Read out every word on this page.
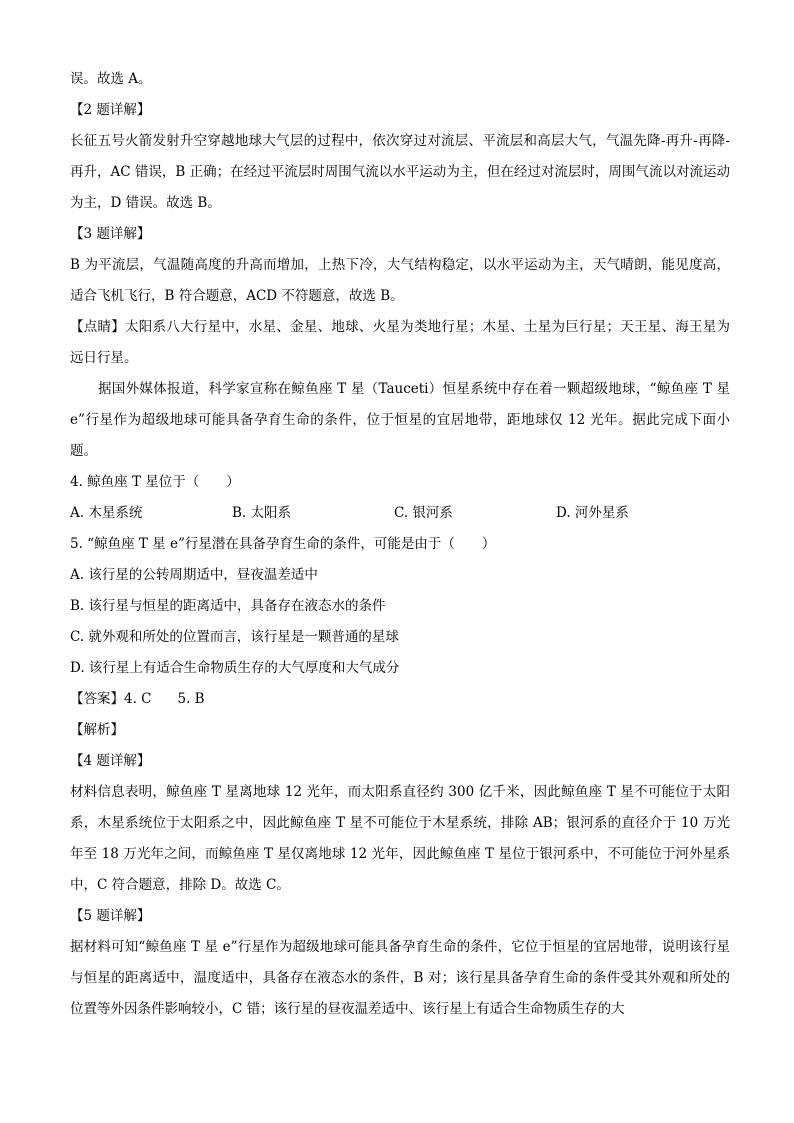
误。故选 A。

【2 题详解】

长征五号火箭发射升空穿越地球大气层的过程中，依次穿过对流层、平流层和高层大气，气温先降-再升-再降-再升，AC 错误，B 正确；在经过平流层时周围气流以水平运动为主，但在经过对流层时，周围气流以对流运动为主，D 错误。故选 B。

【3 题详解】

B 为平流层，气温随高度的升高而增加，上热下冷，大气结构稳定，以水平运动为主，天气晴朗，能见度高，适合飞机飞行，B 符合题意，ACD 不符题意，故选 B。

【点睛】太阳系八大行星中，水星、金星、地球、火星为类地行星；木星、土星为巨行星；天王星、海王星为远日行星。

据国外媒体报道，科学家宣称在鲸鱼座 T 星（Tauceti）恒星系统中存在着一颗超级地球，“鲸鱼座 T 星 e”行星作为超级地球可能具备孕育生命的条件，位于恒星的宜居地带，距地球仅 12 光年。据此完成下面小题。

4. 鲸鱼座 T 星位于（　　）

A. 木星系统	B. 太阳系	C. 银河系	D. 河外星系

5. “鲸鱼座 T 星 e”行星潜在具备孕育生命的条件，可能是由于（　　）

A. 该行星的公转周期适中，昼夜温差适中

B. 该行星与恒星的距离适中，具备存在液态水的条件

C. 就外观和所处的位置而言，该行星是一颗普通的星球

D. 该行星上有适合生命物质生存的大气厚度和大气成分

【答案】4. C 5. B

【解析】

【4 题详解】

材料信息表明，鲸鱼座 T 星离地球 12 光年，而太阳系直径约 300 亿千米，因此鲸鱼座 T 星不可能位于太阳系，木星系统位于太阳系之中，因此鲸鱼座 T 星不可能位于木星系统，排除 AB；银河系的直径介于 10 万光年至 18 万光年之间，而鲸鱼座 T 星仅离地球 12 光年，因此鲸鱼座 T 星位于银河系中，不可能位于河外星系中，C 符合题意，排除 D。故选 C。

【5 题详解】

据材料可知“鲸鱼座 T 星 e”行星作为超级地球可能具备孕育生命的条件，它位于恒星的宜居地带，说明该行星与恒星的距离适中，温度适中，具备存在液态水的条件，B 对；该行星具备孕育生命的条件受其外观和所处的位置等外因条件影响较小，C 错；该行星的昼夜温差适中、该行星上有适合生命物质生存的大
